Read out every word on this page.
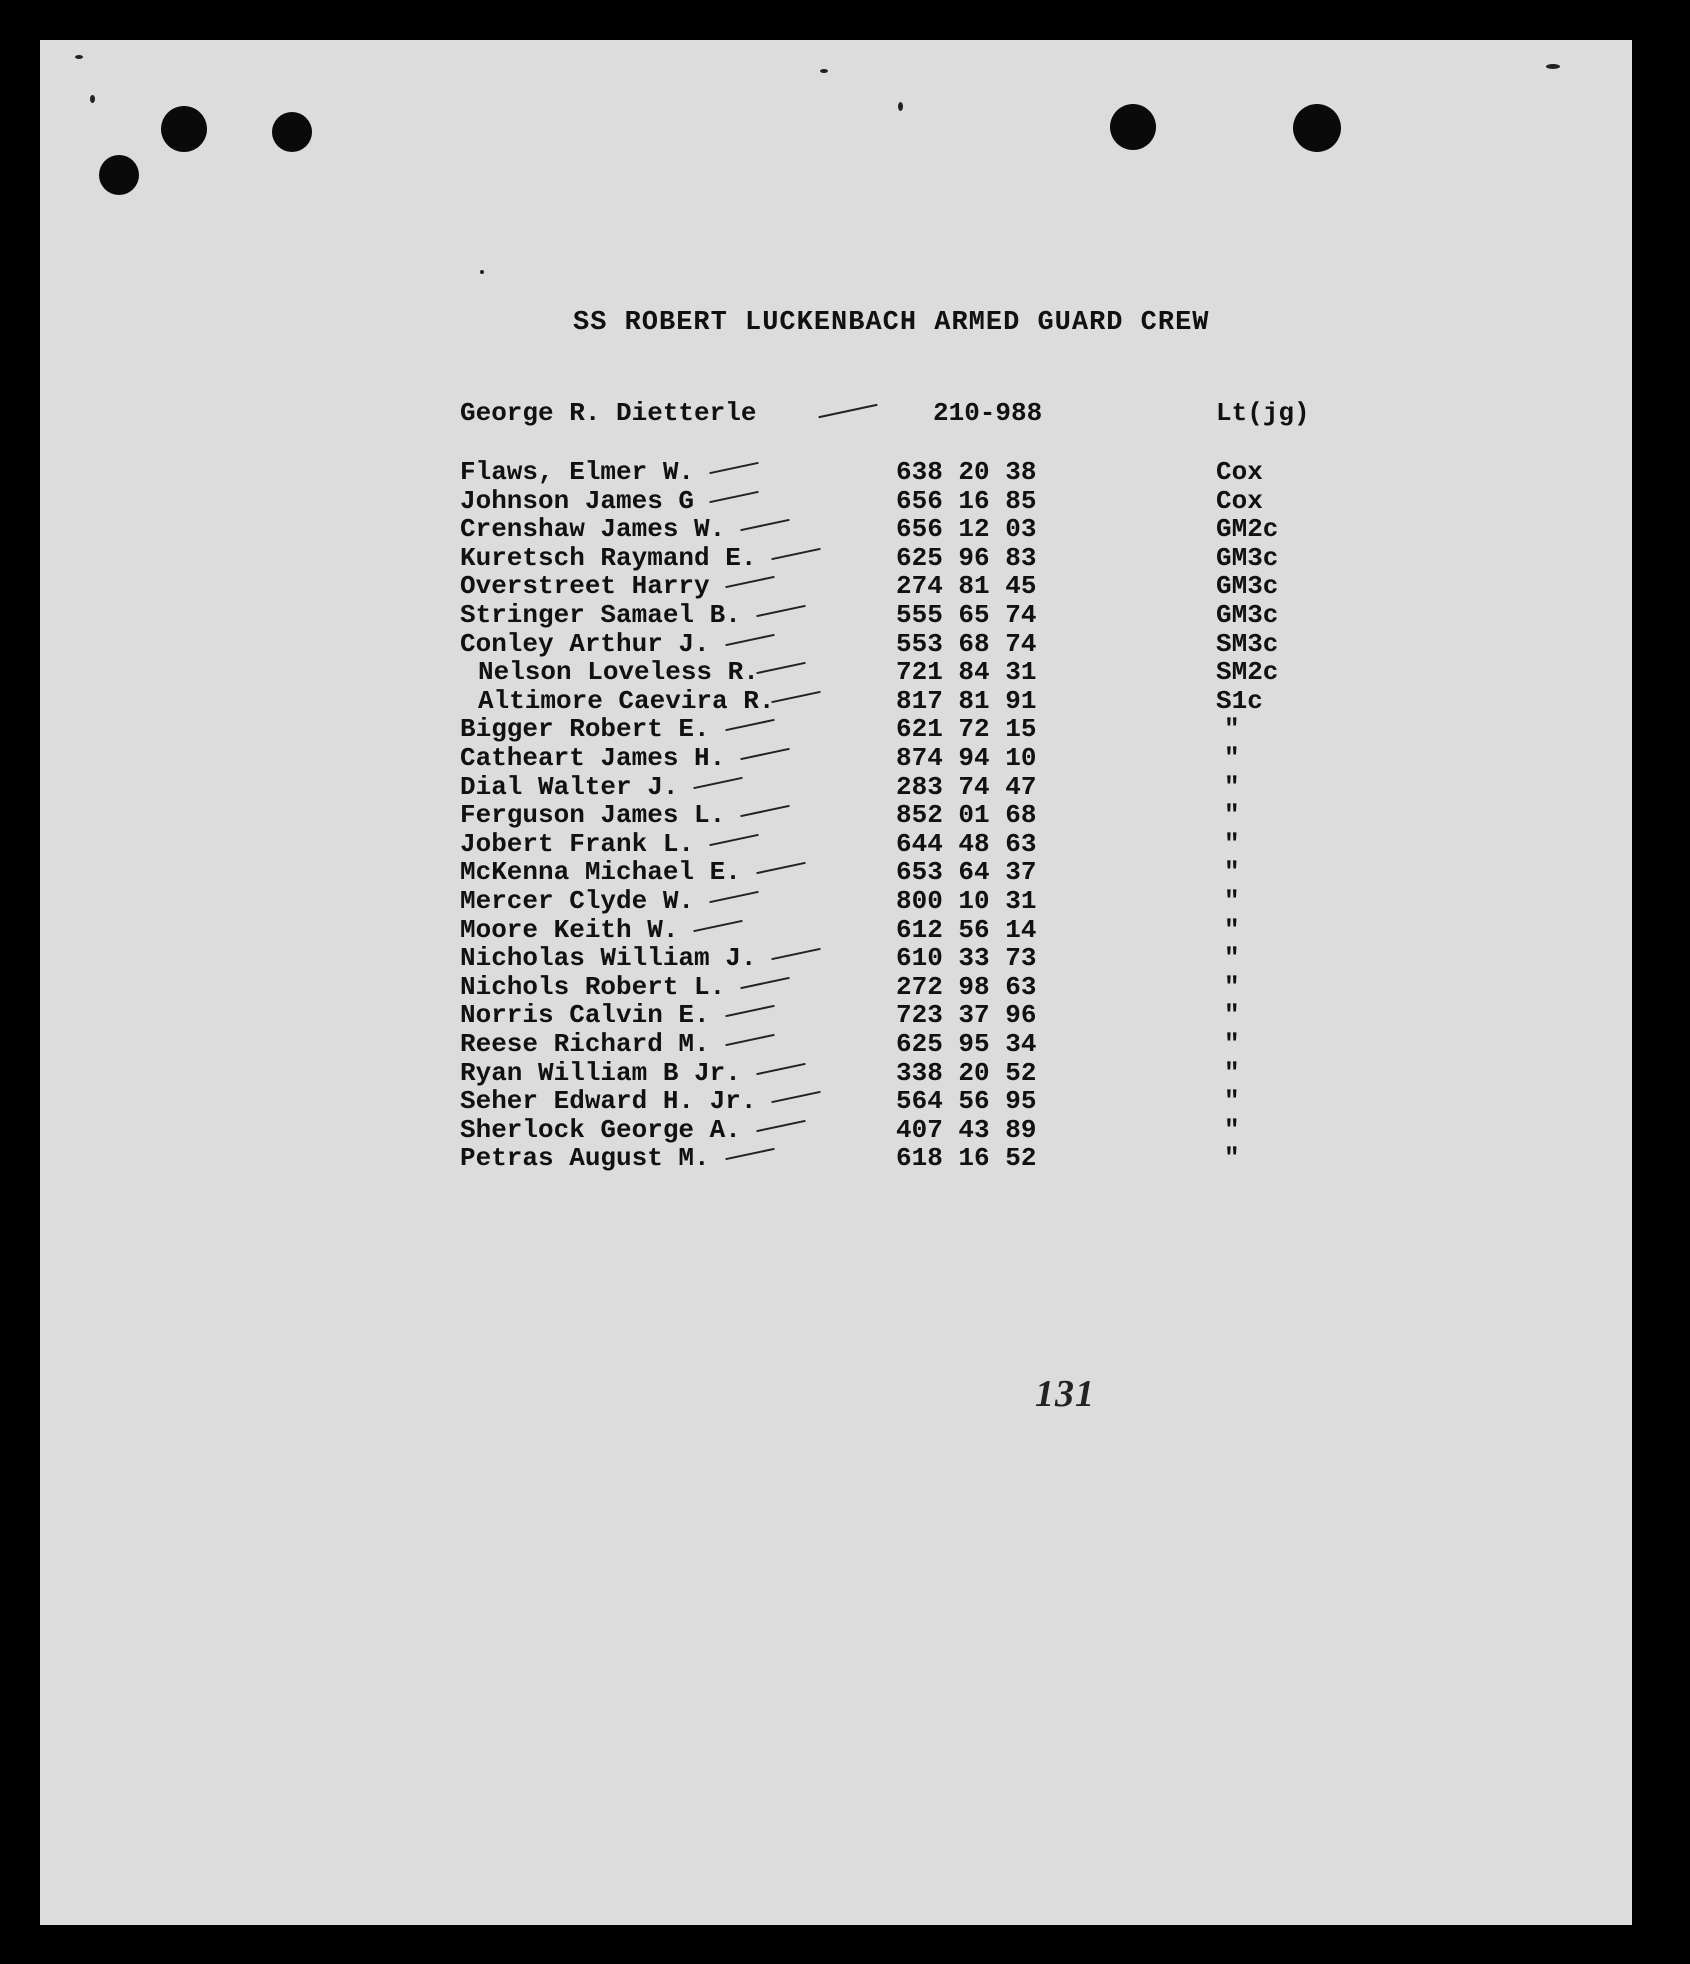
SS ROBERT LUCKENBACH ARMED GUARD CREW
George R. Dietterle	210-988	Lt(jg)
Flaws, Elmer W.	638 20 38	Cox
Johnson James G	656 16 85	Cox
Crenshaw James W.	656 12 03	GM2c
Kuretsch Raymand E.	625 96 83	GM3c
Overstreet Harry	274 81 45	GM3c
Stringer Samael B.	555 65 74	GM3c
Conley Arthur J.	553 68 74	SM3c
Nelson Loveless R.	721 84 31	SM2c
Altimore Caevira R.	817 81 91	S1c
Bigger Robert E.	621 72 15	"
Catheart James H.	874 94 10	"
Dial Walter J.	283 74 47	"
Ferguson James L.	852 01 68	"
Jobert Frank L.	644 48 63	"
McKenna Michael E.	653 64 37	"
Mercer Clyde W.	800 10 31	"
Moore Keith W.	612 56 14	"
Nicholas William J.	610 33 73	"
Nichols Robert L.	272 98 63	"
Norris Calvin E.	723 37 96	"
Reese Richard M.	625 95 34	"
Ryan William B Jr.	338 20 52	"
Seher Edward H. Jr.	564 56 95	"
Sherlock George A.	407 43 89	"
Petras August M.	618 16 52	"
131
